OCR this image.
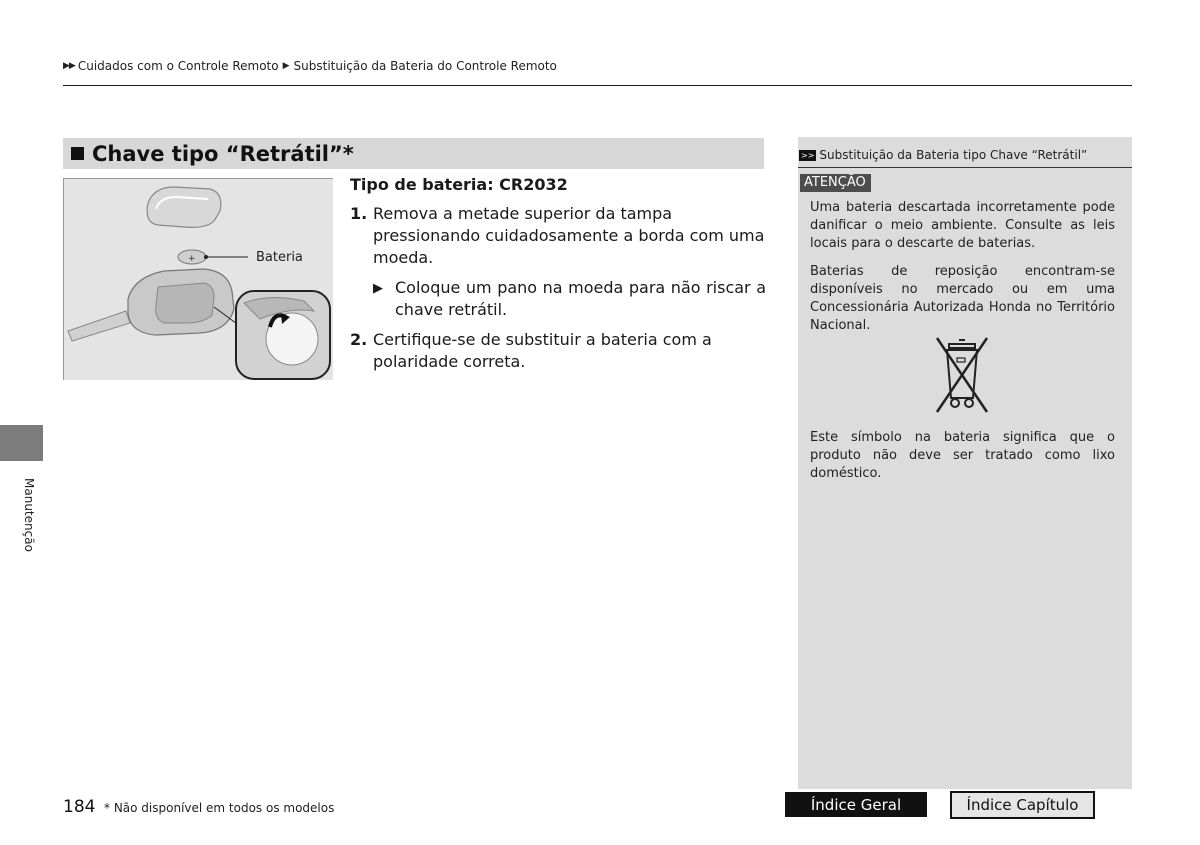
▶▶ Cuidados com o Controle Remoto ▶ Substituição da Bateria do Controle Remoto
Chave tipo “Retrátil”*
+	Bateria
Tipo de bateria: CR2032
1. Remova a metade superior da tampa pressionando cuidadosamente a borda com uma moeda.
▶ Coloque um pano na moeda para não riscar a chave retrátil.
2. Certifique-se de substituir a bateria com a polaridade correta.
>> Substituição da Bateria tipo Chave “Retrátil”
ATENÇÃO
Uma bateria descartada incorretamente pode danificar o meio ambiente. Consulte as leis locais para o descarte de baterias.
Baterias de reposição encontram-se disponíveis no mercado ou em uma Concessionária Autorizada Honda no Território Nacional.
Este símbolo na bateria significa que o produto não deve ser tratado como lixo doméstico.
Manutenção
184 * Não disponível em todos os modelos	Índice Geral	Índice Capítulo
